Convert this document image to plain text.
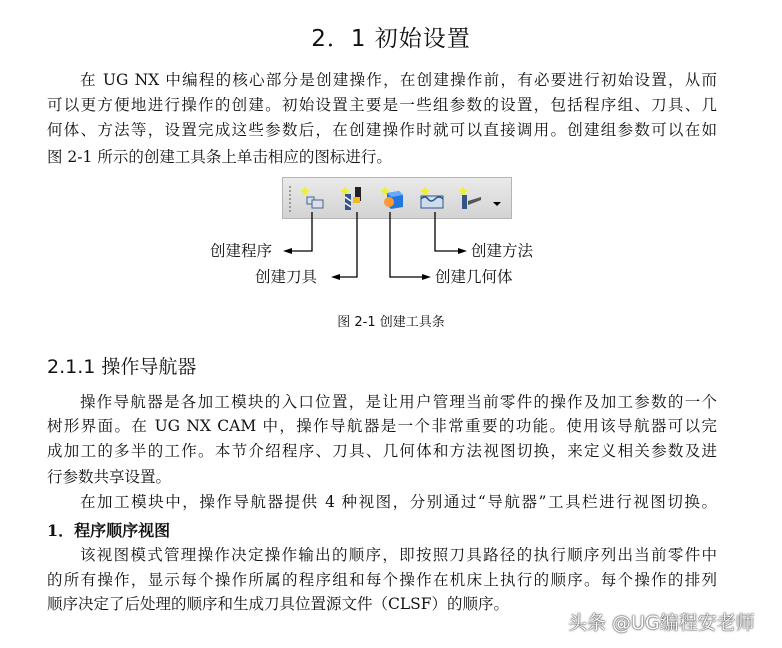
2．1 初始设置
在 UG NX 中编程的核心部分是创建操作，在创建操作前，有必要进行初始设置，从而
可以更方便地进行操作的创建。初始设置主要是一些组参数的设置，包括程序组、刀具、几
何体、方法等，设置完成这些参数后，在创建操作时就可以直接调用。创建组参数可以在如
图 2-1 所示的创建工具条上单击相应的图标进行。
创建程序
创建刀具	创建几何体
创建方法
图 2-1 创建工具条
2.1.1 操作导航器
操作导航器是各加工模块的入口位置，是让用户管理当前零件的操作及加工参数的一个
树形界面。在 UG NX CAM 中，操作导航器是一个非常重要的功能。使用该导航器可以完
成加工的多半的工作。本节介绍程序、刀具、几何体和方法视图切换，来定义相关参数及进
行参数共享设置。
在加工模块中，操作导航器提供 4 种视图，分别通过“导航器”工具栏进行视图切换。
1．程序顺序视图
该视图模式管理操作决定操作输出的顺序，即按照刀具路径的执行顺序列出当前零件中
的所有操作，显示每个操作所属的程序组和每个操作在机床上执行的顺序。每个操作的排列
顺序决定了后处理的顺序和生成刀具位置源文件（CLSF）的顺序。
头条 @UG编程安老师
